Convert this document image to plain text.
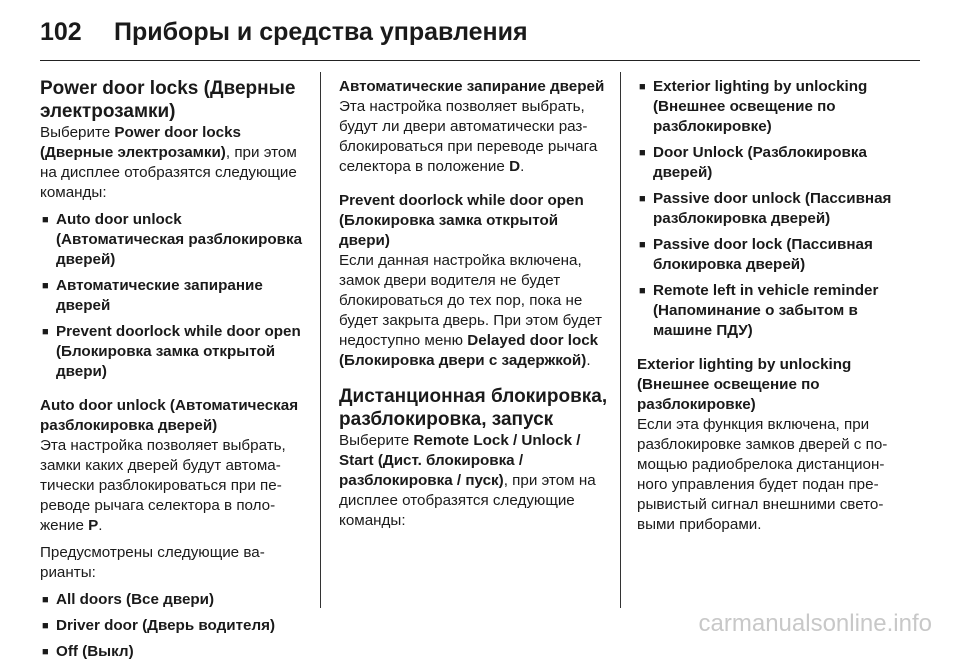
102	Приборы и средства управления
Power door locks (Дверные электрозамки)

Выберите Power door locks (Дверные электрозамки), при этом на дисплее отобразятся следующие команды:

■ Auto door unlock (Автоматическая разблокировка дверей)
■ Автоматические запирание дверей
■ Prevent doorlock while door open (Блокировка замка открытой двери)
Auto door unlock (Автоматическая разблокировка дверей)

Эта настройка позволяет выбрать, замки каких дверей будут автоматически разблокироваться при переводе рычага селектора в положение P.

Предусмотрены следующие варианты:

■ All doors (Все двери)
■ Driver door (Дверь водителя)
■ Off (Выкл)
Автоматические запирание дверей

Эта настройка позволяет выбрать, будут ли двери автоматически разблокироваться при переводе рычага селектора в положение D.

Prevent doorlock while door open (Блокировка замка открытой двери)

Если данная настройка включена, замок двери водителя не будет блокироваться до тех пор, пока не будет закрыта дверь. При этом будет недоступно меню Delayed door lock (Блокировка двери с задержкой).

Дистанционная блокировка, разблокировка, запуск

Выберите Remote Lock / Unlock / Start (Дист. блокировка / разблокировка / пуск), при этом на дисплее отобразятся следующие команды:

■ Exterior lighting by unlocking (Внешнее освещение по разблокировке)
■ Door Unlock (Разблокировка дверей)
■ Passive door unlock (Пассивная разблокировка дверей)
■ Passive door lock (Пассивная блокировка дверей)
■ Remote left in vehicle reminder (Напоминание о забытом в машине ПДУ)
Exterior lighting by unlocking (Внешнее освещение по разблокировке)

Если эта функция включена, при разблокировке замков дверей с помощью радиобрелока дистанционного управления будет подан прерывистый сигнал внешними световыми приборами.

carmanualsonline.info
